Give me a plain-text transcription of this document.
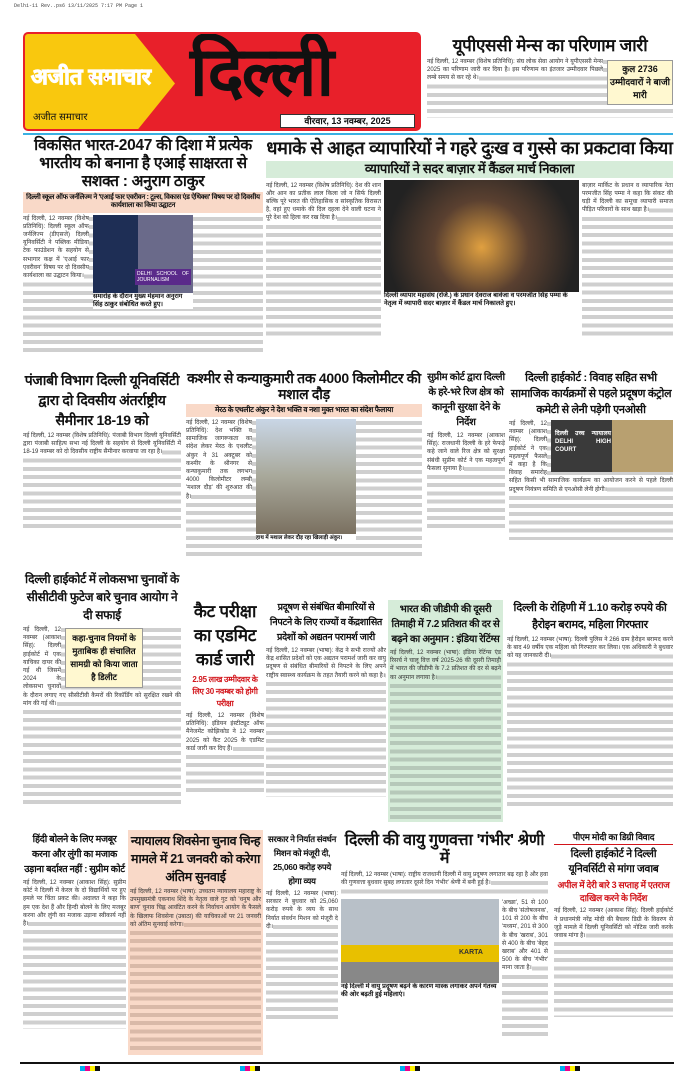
Delhi-11 Rev..ps6 13/11/2025 7:17 PM Page 1
अजीत समाचार
अजीत समाचार
दिल्ली
वीरवार, 13 नवम्बर, 2025
यूपीएससी मेन्स का परिणाम जारी
कुल 2736 उम्मीदवारों ने बाजी मारी
नई दिल्ली, 12 नवम्बर (विशेष प्रतिनिधि): संघ लोक सेवा आयोग ने यूपीएससी मेन्स 2025 का परिणाम जारी कर दिया है। इस परिणाम का इंतजार उम्मीदवार पिछले लम्बे समय से कर रहे थे।
विकसित भारत-2047 की दिशा में प्रत्येक भारतीय को बनाना है एआई साक्षरता से सशक्त : अनुराग ठाकुर
दिल्ली स्कूल ऑफ जर्नलिज्म ने 'एआई फार एवरीवन : टूल्स, विकास एंड ऐथिक्स' विषय पर दो दिवसीय कार्यशाला का किया उद्घाटन
DELHI SCHOOL OF JOURNALISM
समारोह के दौरान मुख्य मेहमान अनुराग सिंह ठाकुर संबोधित करते हुए।
नई दिल्ली, 12 नवम्बर (विशेष प्रतिनिधि): दिल्ली स्कूल ऑफ जर्नलिज्म (डीएसजे) दिल्ली यूनिवर्सिटी ने पब्लिक मीडिया टेक फाउंडेशन के सहयोग से सभागार कक्ष में 'एआई फार एवरीवन' विषय पर दो दिवसीय कार्यशाला का उद्घाटन किया।
धमाके से आहत व्यापारियों ने गहरे दुःख व गुस्से का प्रकटावा किया
व्यापारियों ने सदर बाज़ार में कैंडल मार्च निकाला
नई दिल्ली, 12 नवम्बर (विशेष प्रतिनिधि): देश की शान और आन का प्रतीक लाल किला जो न सिर्फ दिल्ली बल्कि पूरे भारत की ऐतिहासिक व सांस्कृतिक विरासत है, वहां हुए धमाके की दिल दहला देने वाली घटना ने पूरे देश को हिला कर रख दिया है।
दिल्ली व्यापार महासंघ (रजि.) के प्रधान देवराज बावेजा व परमजीत सिंह पम्मा के नेतृत्व में व्यापारी सदर बाज़ार में कैंडल मार्च निकालते हुए।
बाज़ार मार्किट के प्रधान व व्यापारिक नेता परमजीत सिंह पम्मा ने कहा कि संकट की घड़ी में दिल्ली का समूचा व्यापारी समाज पीड़ित परिवारों के साथ खड़ा है।
पंजाबी विभाग दिल्ली यूनिवर्सिटी द्वारा दो दिवसीय अंतर्राष्ट्रीय सैमीनार 18-19 को
नई दिल्ली, 12 नवम्बर (विशेष प्रतिनिधि): पंजाबी विभाग दिल्ली यूनिवर्सिटी द्वारा पंजाबी साहित्य सभा नई दिल्ली के सहयोग से दिल्ली यूनिवर्सिटी में 18-19 नवम्बर को दो दिवसीय राष्ट्रीय सैमीनार करवाया जा रहा है।
कश्मीर से कन्याकुमारी तक 4000 किलोमीटर की मशाल दौड़
मेरठ के एथलीट अंकुर ने देश भक्ति व नशा मुक्त भारत का संदेश फैलाया
हाथ में मशाल लेकर दौड़ रहा खिलाड़ी अंकुर।
नई दिल्ली, 12 नवम्बर (विशेष प्रतिनिधि): देश भक्ति व सामाजिक जागरूकता का संदेश लेकर मेरठ के एथलीट अंकुर ने 31 अक्टूबर को कश्मीर के श्रीनगर से कन्याकुमारी तक लगभग 4000 किलोमीटर लम्बी 'मशाल दौड़' की शुरुआत की है।
सुप्रीम कोर्ट द्वारा दिल्ली के हरे-भरे रिज क्षेत्र को कानूनी सुरक्षा देने के निर्देश
नई दिल्ली, 12 नवम्बर (आकाश सिंह): राजधानी दिल्ली के हरे फेफड़े कहे जाने वाले रिज क्षेत्र को सुरक्षा संबंधी सुप्रीम कोर्ट ने एक महत्वपूर्ण फैसला सुनाया है।
दिल्ली हाईकोर्ट : विवाह सहित सभी सामाजिक कार्यक्रमों से पहले प्रदूषण कंट्रोल कमेटी से लेनी पड़ेगी एनओसी
दिल्ली उच्च न्यायालय DELHI HIGH COURT
नई दिल्ली, 12 नवम्बर (आकाश सिंह): दिल्ली हाईकोर्ट ने एक महत्वपूर्ण फैसले में कहा है कि विवाह समारोह सहित किसी भी सामाजिक कार्यक्रम का आयोजन करने से पहले दिल्ली प्रदूषण नियंत्रण समिति से एनओसी लेनी होगी।
दिल्ली हाईकोर्ट में लोकसभा चुनावों के सीसीटीवी फुटेज बारे चुनाव आयोग ने दी सफाई
कहा-चुनाव नियमों के मुताबिक ही संचालित सामग्री को किया जाता है डिलीट
नई दिल्ली, 12 नवम्बर (आकाश सिंह): दिल्ली हाईकोर्ट में एक याचिका दायर की गई थी जिसमें 2024 के लोकसभा चुनावों के दौरान लगाए गए सीसीटीवी कैमरों की रिकॉर्डिंग को सुरक्षित रखने की मांग की गई थी।
कैट परीक्षा का एडमिट कार्ड जारी
2.95 लाख उम्मीदवार के लिए 30 नवम्बर को होगी परीक्षा
नई दिल्ली, 12 नवम्बर (विशेष प्रतिनिधि): इंडियन इंस्टीट्यूट ऑफ मैनेजमेंट कोझिकोड ने 12 नवम्बर 2025 को कैट 2025 के एडमिट कार्ड जारी कर दिए हैं।
प्रदूषण से संबंधित बीमारियों से निपटने के लिए राज्यों व केंद्रशासित प्रदेशों को अद्यतन परामर्श जारी
नई दिल्ली, 12 नवम्बर (भाषा): केंद्र ने सभी राज्यों और केंद्र शासित प्रदेशों को एक अद्यतन परामर्श जारी कर वायु प्रदूषण से संबंधित बीमारियों से निपटने के लिए अपने राष्ट्रीय स्वास्थ्य कार्यक्रम के तहत तैयारी करने को कहा है।
भारत की जीडीपी की दूसरी तिमाही में 7.2 प्रतिशत की दर से बढ़ने का अनुमान : इंडिया रेटिंग्स
नई दिल्ली, 12 नवम्बर (भाषा): इंडिया रेटिंग्स एंड रिसर्च ने चालू वित्त वर्ष 2025-26 की दूसरी तिमाही में भारत की जीडीपी के 7.2 प्रतिशत की दर से बढ़ने का अनुमान लगाया है।
दिल्ली के रोहिणी में 1.10 करोड़ रुपये की हैरोइन बरामद, महिला गिरफ्तार
नई दिल्ली, 12 नवम्बर (भाषा): दिल्ली पुलिस ने 266 ग्राम हैरोइन बरामद करने के बाद 49 वर्षीय एक महिला को गिरफ्तार कर लिया। एक अधिकारी ने बुधवार को यह जानकारी दी।
हिंदी बोलने के लिए मजबूर करना और लुंगी का मजाक उड़ाना बर्दाश्त नहीं : सुप्रीम कोर्ट
नई दिल्ली, 12 नवम्बर (आकाश सिंह): सुप्रीम कोर्ट ने दिल्ली में केरल के दो विद्यार्थियों पर हुए हमले पर चिंता प्रकट की। अदालत ने कहा कि हम एक देश हैं और हिन्दी बोलने के लिए मजबूर करना और लुंगी का मजाक उड़ाना स्वीकार्य नहीं है।
न्यायालय शिवसेना चुनाव चिन्ह मामले में 21 जनवरी को करेगा अंतिम सुनवाई
नई दिल्ली, 12 नवम्बर (भाषा): उच्चतम न्यायालय महाराष्ट्र के उपमुख्यमंत्री एकनाथ शिंदे के नेतृत्व वाले गुट को 'धनुष और बाण' चुनाव चिह्न आवंटित करने के निर्वाचन आयोग के फैसले के खिलाफ शिवसेना (उबाठा) की याचिकाओं पर 21 जनवरी को अंतिम सुनवाई करेगा।
सरकार ने निर्यात संवर्धन मिशन को मंजूरी दी, 25,060 करोड़ रुपये होगा व्यय
नई दिल्ली, 12 नवम्बर (भाषा): सरकार ने बुधवार को 25,060 करोड़ रुपये के व्यय के साथ निर्यात संवर्धन मिशन को मंजूरी दे दी।
दिल्ली की वायु गुणवत्ता 'गंभीर' श्रेणी में
नई दिल्ली, 12 नवम्बर (भाषा): राष्ट्रीय राजधानी दिल्ली में वायु प्रदूषण लगातार बढ़ रहा है और हवा की गुणवत्ता बुधवार सुबह लगातार दूसरे दिन 'गंभीर' श्रेणी में बनी हुई है।
KARTA
नई दिल्ली में वायु प्रदूषण बढ़ने के कारण मास्क लगाकर अपने गंतव्य की ओर बढ़ती हुई महिलाएं।
'अच्छा', 51 से 100 के बीच 'संतोषजनक', 101 से 200 के बीच 'मध्यम', 201 से 300 के बीच 'खराब', 301 से 400 के बीच 'बेहद खराब' और 401 से 500 के बीच 'गंभीर' माना जाता है।
पीएम मोदी का डिग्री विवाद
दिल्ली हाईकोर्ट ने दिल्ली यूनिवर्सिटी से मांगा जवाब
अपील में देरी बारे 3 सप्ताह में एतराज दाखिल करने के निर्देश
नई दिल्ली, 12 नवम्बर (आकाश सिंह): दिल्ली हाईकोर्ट ने प्रधानमंत्री नरेंद्र मोदी की बैचलर डिग्री के विवरण से जुड़े मामले में दिल्ली यूनिवर्सिटी को नोटिस जारी करके जवाब मांगा है।
